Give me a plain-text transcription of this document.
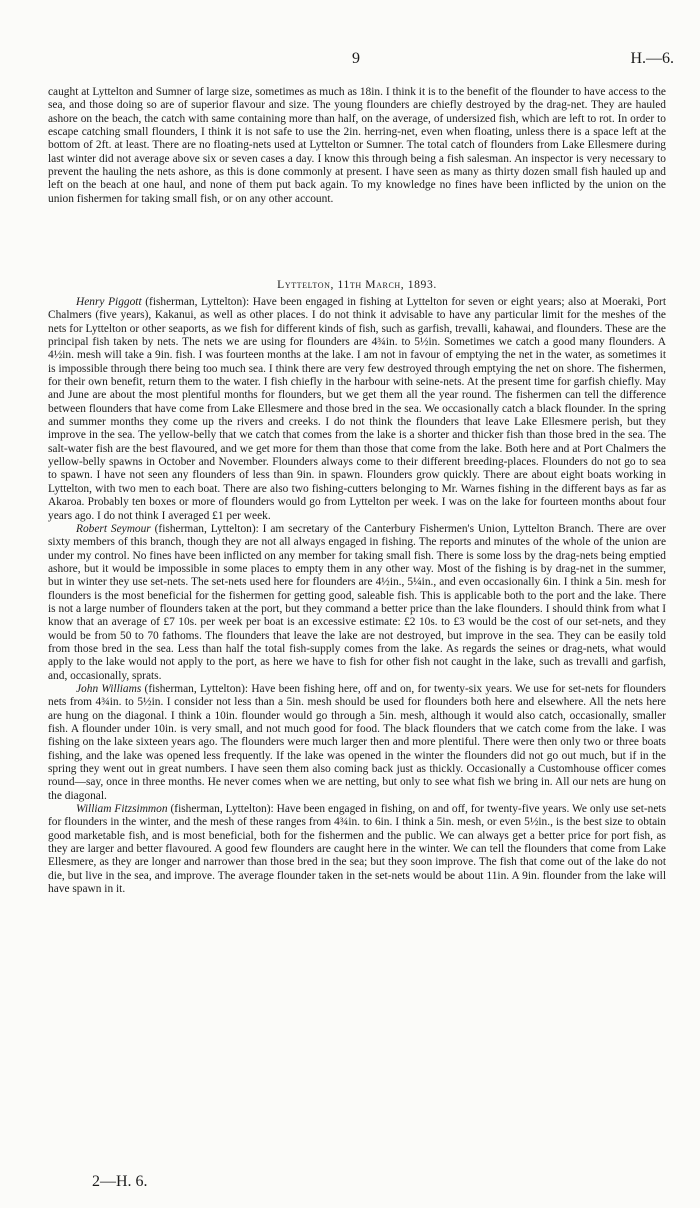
9	H.—6.

caught at Lyttelton and Sumner of large size, sometimes as much as 18in. I think it is to the benefit of the flounder to have access to the sea, and those doing so are of superior flavour and size. The young flounders are chiefly destroyed by the drag-net. They are hauled ashore on the beach, the catch with same containing more than half, on the average, of undersized fish, which are left to rot. In order to escape catching small flounders, I think it is not safe to use the 2in. herring-net, even when floating, unless there is a space left at the bottom of 2ft. at least. There are no floating-nets used at Lyttelton or Sumner. The total catch of flounders from Lake Ellesmere during last winter did not average above six or seven cases a day. I know this through being a fish salesman. An inspector is very necessary to prevent the hauling the nets ashore, as this is done commonly at present. I have seen as many as thirty dozen small fish hauled up and left on the beach at one haul, and none of them put back again. To my knowledge no fines have been inflicted by the union on the union fishermen for taking small fish, or on any other account.

Lyttelton, 11th March, 1893.

Henry Piggott (fisherman, Lyttelton): Have been engaged in fishing at Lyttelton for seven or eight years; also at Moeraki, Port Chalmers (five years), Kakanui, as well as other places. I do not think it advisable to have any particular limit for the meshes of the nets for Lyttelton or other seaports, as we fish for different kinds of fish, such as garfish, trevalli, kahawai, and flounders. These are the principal fish taken by nets. The nets we are using for flounders are 4¾in. to 5½in. Sometimes we catch a good many flounders. A 4½in. mesh will take a 9in. fish. I was fourteen months at the lake. I am not in favour of emptying the net in the water, as sometimes it is impossible through there being too much sea. I think there are very few destroyed through emptying the net on shore. The fishermen, for their own benefit, return them to the water. I fish chiefly in the harbour with seine-nets. At the present time for garfish chiefly. May and June are about the most plentiful months for flounders, but we get them all the year round. The fishermen can tell the difference between flounders that have come from Lake Ellesmere and those bred in the sea. We occasionally catch a black flounder. In the spring and summer months they come up the rivers and creeks. I do not think the flounders that leave Lake Ellesmere perish, but they improve in the sea. The yellow-belly that we catch that comes from the lake is a shorter and thicker fish than those bred in the sea. The salt-water fish are the best flavoured, and we get more for them than those that come from the lake. Both here and at Port Chalmers the yellow-belly spawns in October and November. Flounders always come to their different breeding-places. Flounders do not go to sea to spawn. I have not seen any flounders of less than 9in. in spawn. Flounders grow quickly. There are about eight boats working in Lyttelton, with two men to each boat. There are also two fishing-cutters belonging to Mr. Warnes fishing in the different bays as far as Akaroa. Probably ten boxes or more of flounders would go from Lyttelton per week. I was on the lake for fourteen months about four years ago. I do not think I averaged £1 per week.

Robert Seymour (fisherman, Lyttelton): I am secretary of the Canterbury Fishermen's Union, Lyttelton Branch. There are over sixty members of this branch, though they are not all always engaged in fishing. The reports and minutes of the whole of the union are under my control. No fines have been inflicted on any member for taking small fish. There is some loss by the drag-nets being emptied ashore, but it would be impossible in some places to empty them in any other way. Most of the fishing is by drag-net in the summer, but in winter they use set-nets. The set-nets used here for flounders are 4½in., 5¼in., and even occasionally 6in. I think a 5in. mesh for flounders is the most beneficial for the fishermen for getting good, saleable fish. This is applicable both to the port and the lake. There is not a large number of flounders taken at the port, but they command a better price than the lake flounders. I should think from what I know that an average of £7 10s. per week per boat is an excessive estimate: £2 10s. to £3 would be the cost of our set-nets, and they would be from 50 to 70 fathoms. The flounders that leave the lake are not destroyed, but improve in the sea. They can be easily told from those bred in the sea. Less than half the total fish-supply comes from the lake. As regards the seines or drag-nets, what would apply to the lake would not apply to the port, as here we have to fish for other fish not caught in the lake, such as trevalli and garfish, and, occasionally, sprats.

John Williams (fisherman, Lyttelton): Have been fishing here, off and on, for twenty-six years. We use for set-nets for flounders nets from 4¾in. to 5½in. I consider not less than a 5in. mesh should be used for flounders both here and elsewhere. All the nets here are hung on the diagonal. I think a 10in. flounder would go through a 5in. mesh, although it would also catch, occasionally, smaller fish. A flounder under 10in. is very small, and not much good for food. The black flounders that we catch come from the lake. I was fishing on the lake sixteen years ago. The flounders were much larger then and more plentiful. There were then only two or three boats fishing, and the lake was opened less frequently. If the lake was opened in the winter the flounders did not go out much, but if in the spring they went out in great numbers. I have seen them also coming back just as thickly. Occasionally a Customhouse officer comes round—say, once in three months. He never comes when we are netting, but only to see what fish we bring in. All our nets are hung on the diagonal.

William Fitzsimmon (fisherman, Lyttelton): Have been engaged in fishing, on and off, for twenty-five years. We only use set-nets for flounders in the winter, and the mesh of these ranges from 4¾in. to 6in. I think a 5in. mesh, or even 5½in., is the best size to obtain good marketable fish, and is most beneficial, both for the fishermen and the public. We can always get a better price for port fish, as they are larger and better flavoured. A good few flounders are caught here in the winter. We can tell the flounders that come from Lake Ellesmere, as they are longer and narrower than those bred in the sea; but they soon improve. The fish that come out of the lake do not die, but live in the sea, and improve. The average flounder taken in the set-nets would be about 11in. A 9in. flounder from the lake will have spawn in it.

2—H. 6.
